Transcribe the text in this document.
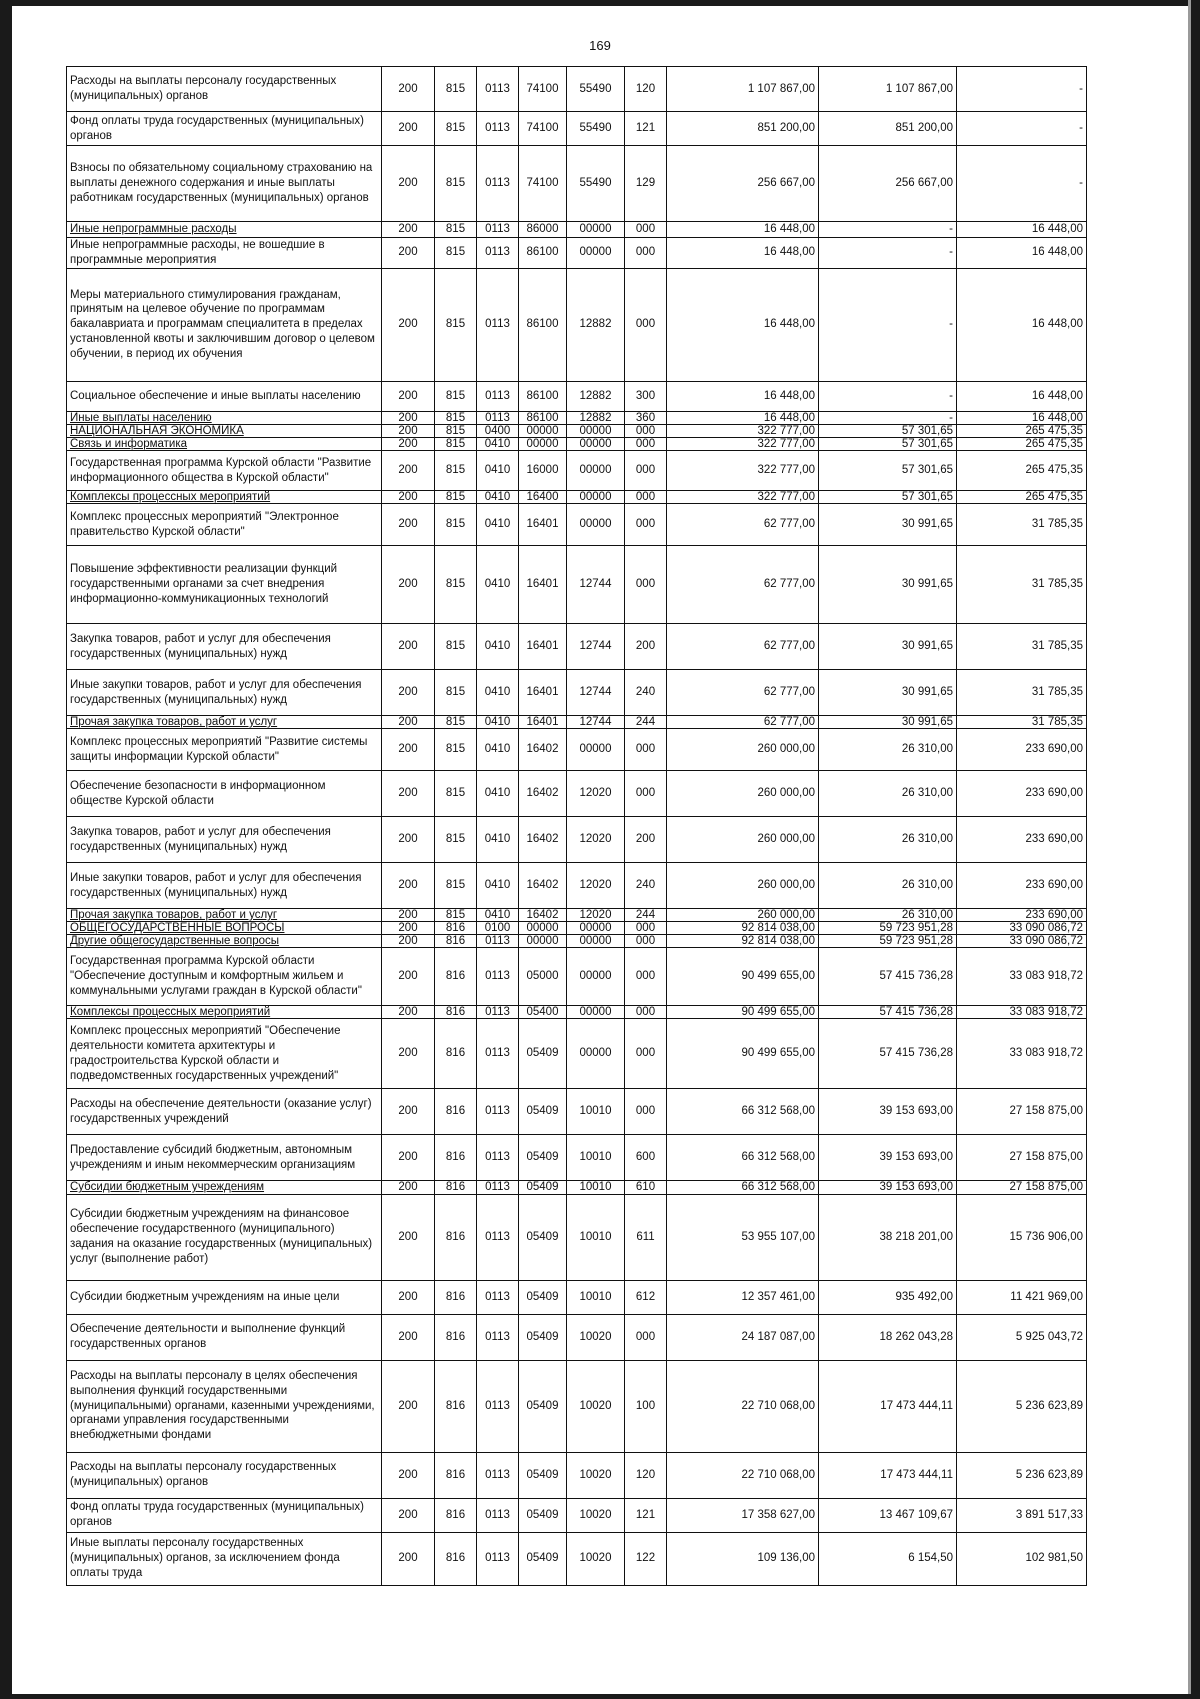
169
Расходы на выплаты персоналу государственных (муниципальных) органов	200	815	0113	74100	55490	120	1 107 867,00	1 107 867,00	-
Фонд оплаты труда государственных (муниципальных) органов	200	815	0113	74100	55490	121	851 200,00	851 200,00	-
Взносы по обязательному социальному страхованию на выплаты денежного содержания и иные выплаты работникам государственных (муниципальных) органов	200	815	0113	74100	55490	129	256 667,00	256 667,00	-
Иные непрограммные расходы	200	815	0113	86000	00000	000	16 448,00	-	16 448,00
Иные непрограммные расходы, не вошедшие в программные мероприятия	200	815	0113	86100	00000	000	16 448,00	-	16 448,00
Меры материального стимулирования гражданам, принятым на целевое обучение по программам бакалавриата и программам специалитета в пределах установленной квоты и заключившим договор о целевом обучении, в период их обучения	200	815	0113	86100	12882	000	16 448,00	-	16 448,00
Социальное обеспечение и иные выплаты населению	200	815	0113	86100	12882	300	16 448,00	-	16 448,00
Иные выплаты населению	200	815	0113	86100	12882	360	16 448,00	-	16 448,00
НАЦИОНАЛЬНАЯ ЭКОНОМИКА	200	815	0400	00000	00000	000	322 777,00	57 301,65	265 475,35
Связь и информатика	200	815	0410	00000	00000	000	322 777,00	57 301,65	265 475,35
Государственная программа Курской области "Развитие информационного общества в Курской области"	200	815	0410	16000	00000	000	322 777,00	57 301,65	265 475,35
Комплексы процессных мероприятий	200	815	0410	16400	00000	000	322 777,00	57 301,65	265 475,35
Комплекс процессных мероприятий "Электронное правительство Курской области"	200	815	0410	16401	00000	000	62 777,00	30 991,65	31 785,35
Повышение эффективности реализации функций государственными органами за счет внедрения информационно-коммуникационных технологий	200	815	0410	16401	12744	000	62 777,00	30 991,65	31 785,35
Закупка товаров, работ и услуг для обеспечения государственных (муниципальных) нужд	200	815	0410	16401	12744	200	62 777,00	30 991,65	31 785,35
Иные закупки товаров, работ и услуг для обеспечения государственных (муниципальных) нужд	200	815	0410	16401	12744	240	62 777,00	30 991,65	31 785,35
Прочая закупка товаров, работ и услуг	200	815	0410	16401	12744	244	62 777,00	30 991,65	31 785,35
Комплекс процессных мероприятий "Развитие системы защиты информации Курской области"	200	815	0410	16402	00000	000	260 000,00	26 310,00	233 690,00
Обеспечение безопасности в информационном обществе Курской области	200	815	0410	16402	12020	000	260 000,00	26 310,00	233 690,00
Закупка товаров, работ и услуг для обеспечения государственных (муниципальных) нужд	200	815	0410	16402	12020	200	260 000,00	26 310,00	233 690,00
Иные закупки товаров, работ и услуг для обеспечения государственных (муниципальных) нужд	200	815	0410	16402	12020	240	260 000,00	26 310,00	233 690,00
Прочая закупка товаров, работ и услуг	200	815	0410	16402	12020	244	260 000,00	26 310,00	233 690,00
ОБЩЕГОСУДАРСТВЕННЫЕ ВОПРОСЫ	200	816	0100	00000	00000	000	92 814 038,00	59 723 951,28	33 090 086,72
Другие общегосударственные вопросы	200	816	0113	00000	00000	000	92 814 038,00	59 723 951,28	33 090 086,72
Государственная программа Курской области "Обеспечение доступным и комфортным жильем и коммунальными услугами граждан в Курской области"	200	816	0113	05000	00000	000	90 499 655,00	57 415 736,28	33 083 918,72
Комплексы процессных мероприятий	200	816	0113	05400	00000	000	90 499 655,00	57 415 736,28	33 083 918,72
Комплекс процессных мероприятий "Обеспечение деятельности комитета архитектуры и градостроительства Курской области и подведомственных государственных учреждений"	200	816	0113	05409	00000	000	90 499 655,00	57 415 736,28	33 083 918,72
Расходы на обеспечение деятельности (оказание услуг) государственных учреждений	200	816	0113	05409	10010	000	66 312 568,00	39 153 693,00	27 158 875,00
Предоставление субсидий бюджетным, автономным учреждениям и иным некоммерческим организациям	200	816	0113	05409	10010	600	66 312 568,00	39 153 693,00	27 158 875,00
Субсидии бюджетным учреждениям	200	816	0113	05409	10010	610	66 312 568,00	39 153 693,00	27 158 875,00
Субсидии бюджетным учреждениям на финансовое обеспечение государственного (муниципального) задания на оказание государственных (муниципальных) услуг (выполнение работ)	200	816	0113	05409	10010	611	53 955 107,00	38 218 201,00	15 736 906,00
Субсидии бюджетным учреждениям на иные цели	200	816	0113	05409	10010	612	12 357 461,00	935 492,00	11 421 969,00
Обеспечение деятельности и выполнение функций государственных органов	200	816	0113	05409	10020	000	24 187 087,00	18 262 043,28	5 925 043,72
Расходы на выплаты персоналу в целях обеспечения выполнения функций государственными (муниципальными) органами, казенными учреждениями, органами управления государственными внебюджетными фондами	200	816	0113	05409	10020	100	22 710 068,00	17 473 444,11	5 236 623,89
Расходы на выплаты персоналу государственных (муниципальных) органов	200	816	0113	05409	10020	120	22 710 068,00	17 473 444,11	5 236 623,89
Фонд оплаты труда государственных (муниципальных) органов	200	816	0113	05409	10020	121	17 358 627,00	13 467 109,67	3 891 517,33
Иные выплаты персоналу государственных (муниципальных) органов, за исключением фонда оплаты труда	200	816	0113	05409	10020	122	109 136,00	6 154,50	102 981,50
